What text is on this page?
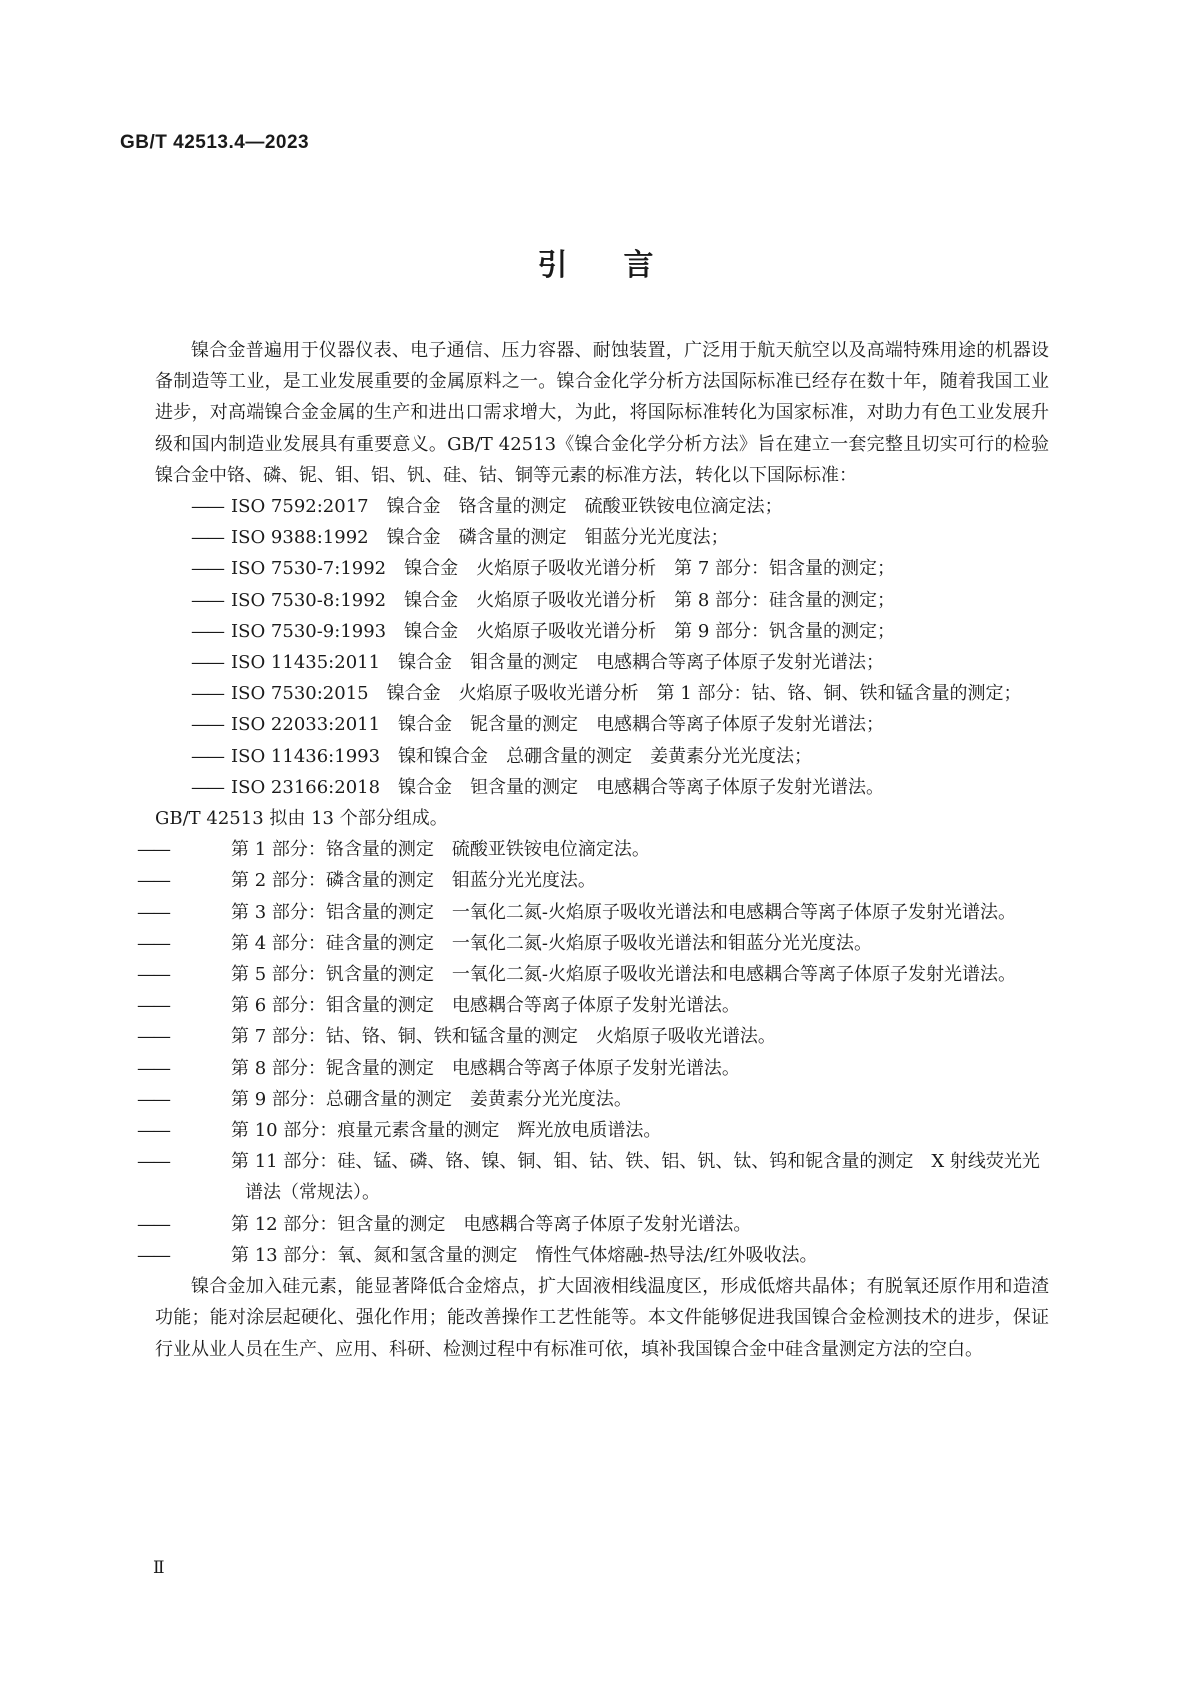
GB/T 42513.4—2023
引 言

镍合金普遍用于仪器仪表、电子通信、压力容器、耐蚀装置，广泛用于航天航空以及高端特殊用途的机器设备制造等工业，是工业发展重要的金属原料之一。镍合金化学分析方法国际标准已经存在数十年，随着我国工业进步，对高端镍合金金属的生产和进出口需求增大，为此，将国际标准转化为国家标准，对助力有色工业发展升级和国内制造业发展具有重要意义。GB/T 42513《镍合金化学分析方法》旨在建立一套完整且切实可行的检验镍合金中铬、磷、铌、钼、铝、钒、硅、钴、铜等元素的标准方法，转化以下国际标准：

—— ISO 7592:2017 镍合金 铬含量的测定 硫酸亚铁铵电位滴定法；
—— ISO 9388:1992 镍合金 磷含量的测定 钼蓝分光光度法；
—— ISO 7530-7:1992 镍合金 火焰原子吸收光谱分析 第 7 部分：铝含量的测定；
—— ISO 7530-8:1992 镍合金 火焰原子吸收光谱分析 第 8 部分：硅含量的测定；
—— ISO 7530-9:1993 镍合金 火焰原子吸收光谱分析 第 9 部分：钒含量的测定；
—— ISO 11435:2011 镍合金 钼含量的测定 电感耦合等离子体原子发射光谱法；
—— ISO 7530:2015 镍合金 火焰原子吸收光谱分析 第 1 部分：钴、铬、铜、铁和锰含量的测定；
—— ISO 22033:2011 镍合金 铌含量的测定 电感耦合等离子体原子发射光谱法；
—— ISO 11436:1993 镍和镍合金 总硼含量的测定 姜黄素分光光度法；
—— ISO 23166:2018 镍合金 钽含量的测定 电感耦合等离子体原子发射光谱法。

GB/T 42513 拟由 13 个部分组成。

——	第 1 部分：铬含量的测定 硫酸亚铁铵电位滴定法。
——	第 2 部分：磷含量的测定 钼蓝分光光度法。
——	第 3 部分：铝含量的测定 一氧化二氮-火焰原子吸收光谱法和电感耦合等离子体原子发射光谱法。
——	第 4 部分：硅含量的测定 一氧化二氮-火焰原子吸收光谱法和钼蓝分光光度法。
——	第 5 部分：钒含量的测定 一氧化二氮-火焰原子吸收光谱法和电感耦合等离子体原子发射光谱法。
——	第 6 部分：钼含量的测定 电感耦合等离子体原子发射光谱法。
——	第 7 部分：钴、铬、铜、铁和锰含量的测定 火焰原子吸收光谱法。
——	第 8 部分：铌含量的测定 电感耦合等离子体原子发射光谱法。
——	第 9 部分：总硼含量的测定 姜黄素分光光度法。
——	第 10 部分：痕量元素含量的测定 辉光放电质谱法。
——	第 11 部分：硅、锰、磷、铬、镍、铜、钼、钴、铁、铝、钒、钛、钨和铌含量的测定 X 射线荧光光谱法（常规法）。
——	第 12 部分：钽含量的测定 电感耦合等离子体原子发射光谱法。
——	第 13 部分：氧、氮和氢含量的测定 惰性气体熔融-热导法/红外吸收法。

镍合金加入硅元素，能显著降低合金熔点，扩大固液相线温度区，形成低熔共晶体；有脱氧还原作用和造渣功能；能对涂层起硬化、强化作用；能改善操作工艺性能等。本文件能够促进我国镍合金检测技术的进步，保证行业从业人员在生产、应用、科研、检测过程中有标准可依，填补我国镍合金中硅含量测定方法的空白。

Ⅱ
